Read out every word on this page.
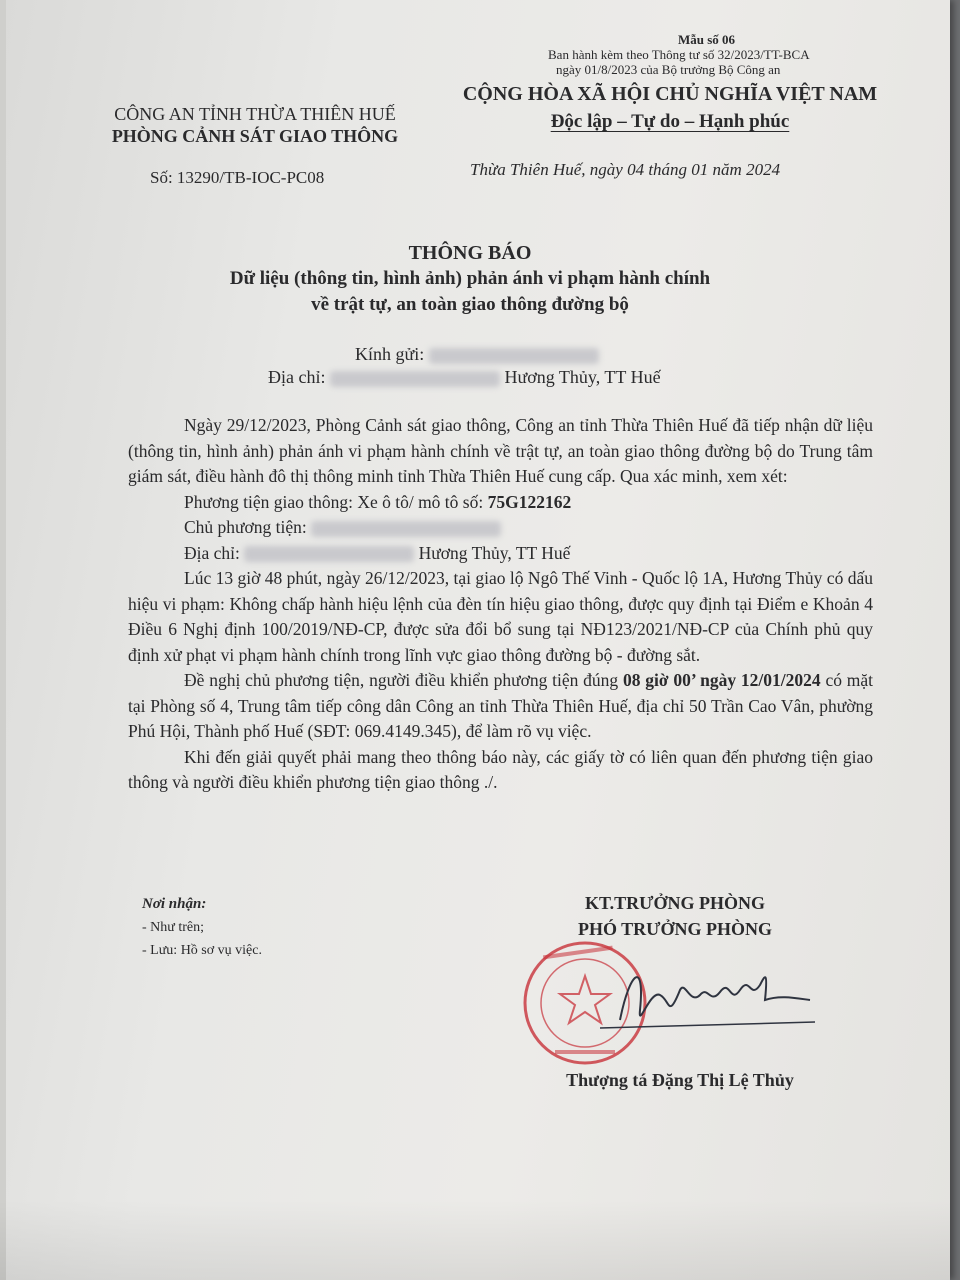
Mẫu số 06
Ban hành kèm theo Thông tư số 32/2023/TT-BCA
ngày 01/8/2023 của Bộ trưởng Bộ Công an
CÔNG AN TỈNH THỪA THIÊN HUẾ
PHÒNG CẢNH SÁT GIAO THÔNG
CỘNG HÒA XÃ HỘI CHỦ NGHĨA VIỆT NAM
Độc lập – Tự do – Hạnh phúc
Số: 13290/TB-IOC-PC08	Thừa Thiên Huế, ngày 04 tháng 01 năm 2024
THÔNG BÁO
Dữ liệu (thông tin, hình ảnh) phản ánh vi phạm hành chính
về trật tự, an toàn giao thông đường bộ
Kính gửi:
Địa chỉ:	Hương Thủy, TT Huế

Ngày 29/12/2023, Phòng Cảnh sát giao thông, Công an tỉnh Thừa Thiên Huế đã tiếp nhận dữ liệu (thông tin, hình ảnh) phản ánh vi phạm hành chính về trật tự, an toàn giao thông đường bộ do Trung tâm giám sát, điều hành đô thị thông minh tỉnh Thừa Thiên Huế cung cấp. Qua xác minh, xem xét:

Phương tiện giao thông: Xe ô tô/ mô tô số: 75G122162

Chủ phương tiện:

Địa chỉ:	Hương Thủy, TT Huế

Lúc 13 giờ 48 phút, ngày 26/12/2023, tại giao lộ Ngô Thế Vinh - Quốc lộ 1A, Hương Thủy có dấu hiệu vi phạm: Không chấp hành hiệu lệnh của đèn tín hiệu giao thông, được quy định tại Điểm e Khoản 4 Điều 6 Nghị định 100/2019/NĐ-CP, được sửa đổi bổ sung tại NĐ123/2021/NĐ-CP của Chính phủ quy định xử phạt vi phạm hành chính trong lĩnh vực giao thông đường bộ - đường sắt.

Đề nghị chủ phương tiện, người điều khiển phương tiện đúng 08 giờ 00’ ngày 12/01/2024 có mặt tại Phòng số 4, Trung tâm tiếp công dân Công an tỉnh Thừa Thiên Huế, địa chỉ 50 Trần Cao Vân, phường Phú Hội, Thành phố Huế (SĐT: 069.4149.345), để làm rõ vụ việc.

Khi đến giải quyết phải mang theo thông báo này, các giấy tờ có liên quan đến phương tiện giao thông và người điều khiển phương tiện giao thông ./.

Nơi nhận:
- Như trên;
- Lưu: Hồ sơ vụ việc.
KT.TRƯỞNG PHÒNG
PHÓ TRƯỞNG PHÒNG
Thượng tá Đặng Thị Lệ Thủy
